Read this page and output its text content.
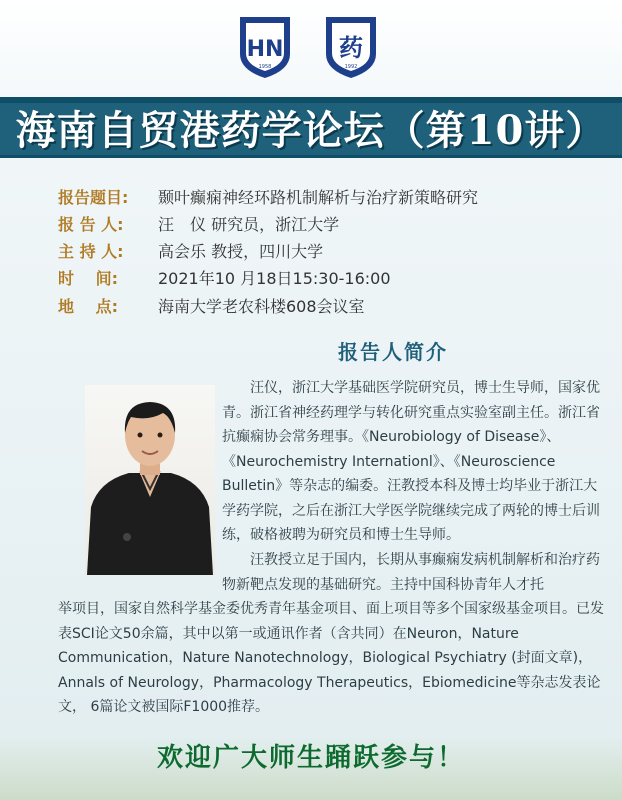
HN
1958
药
1992
海南自贸港药学论坛（第10讲）
报告题目: 颞叶癫痫神经环路机制解析与治疗新策略研究
报 告 人: 汪　仪 研究员，浙江大学
主 持 人: 高会乐 教授，四川大学
时　 间:	2021年10 月18日15:30-16:00
地　 点:	海南大学老农科楼608会议室
报告人简介
汪仪，浙江大学基础医学院研究员，博士生导师，国家优青。浙江省神经药理学与转化研究重点实验室副主任。浙江省抗癫痫协会常务理事。《Neurobiology of Disease》、《Neurochemistry Internationl》、《Neuroscience Bulletin》等杂志的编委。汪教授本科及博士均毕业于浙江大学药学院，之后在浙江大学医学院继续完成了两轮的博士后训练，破格被聘为研究员和博士生导师。
汪教授立足于国内，长期从事癫痫发病机制解析和治疗药物新靶点发现的基础研究。主持中国科协青年人才托
举项目，国家自然科学基金委优秀青年基金项目、面上项目等多个国家级基金项目。已发表SCI论文50余篇，其中以第一或通讯作者（含共同）在Neuron，Nature Communication，Nature Nanotechnology，Biological Psychiatry (封面文章)，Annals of Neurology，Pharmacology Therapeutics，Ebiomedicine等杂志发表论文， 6篇论文被国际F1000推荐。
欢迎广大师生踊跃参与！
